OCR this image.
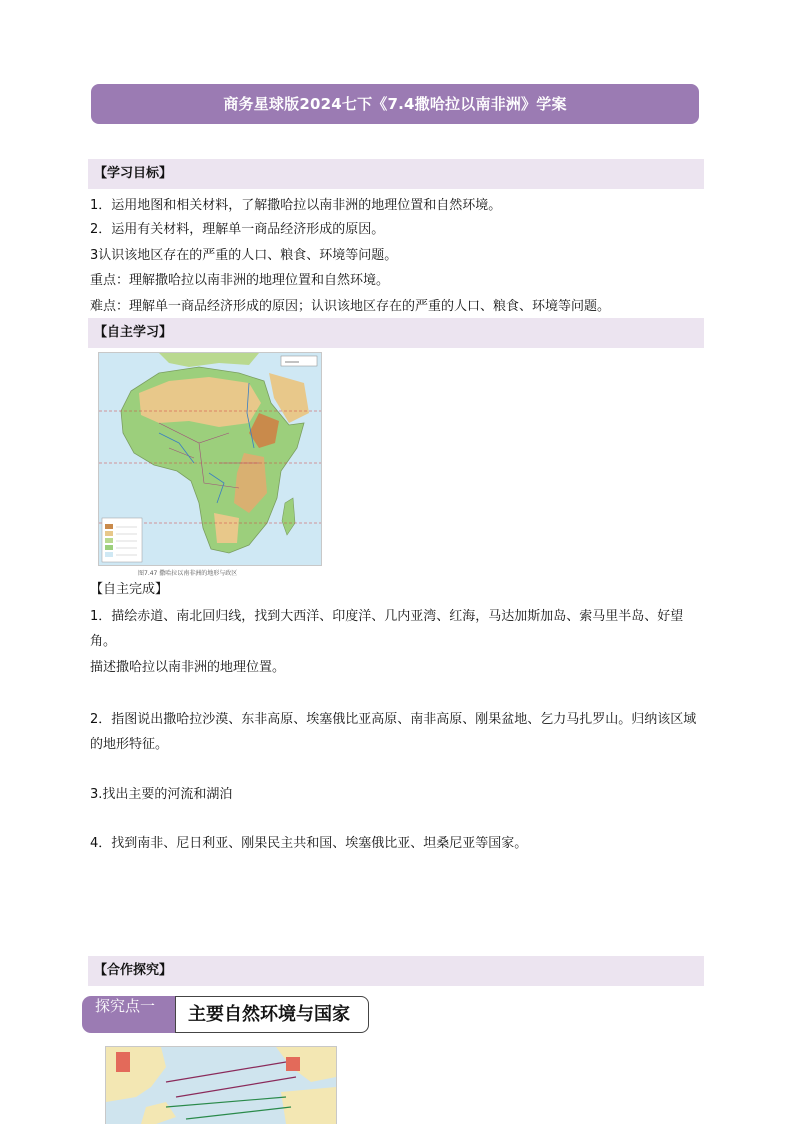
商务星球版2024七下《7.4撒哈拉以南非洲》学案
【学习目标】
1．运用地图和相关材料，了解撒哈拉以南非洲的地理位置和自然环境。
2．运用有关材料，理解单一商品经济形成的原因。
3认识该地区存在的严重的人口、粮食、环境等问题。
重点：理解撒哈拉以南非洲的地理位置和自然环境。
难点：理解单一商品经济形成的原因；认识该地区存在的严重的人口、粮食、环境等问题。
【自主学习】
图7.47 撒哈拉以南非洲的地形与政区
【自主完成】
1．描绘赤道、南北回归线，找到大西洋、印度洋、几内亚湾、红海，马达加斯加岛、索马里半岛、好望角。
描述撒哈拉以南非洲的地理位置。
2．指图说出撒哈拉沙漠、东非高原、埃塞俄比亚高原、南非高原、刚果盆地、乞力马扎罗山。归纳该区域的地形特征。
3.找出主要的河流和湖泊
4．找到南非、尼日利亚、刚果民主共和国、埃塞俄比亚、坦桑尼亚等国家。
【合作探究】
探究点一	主要自然环境与国家
